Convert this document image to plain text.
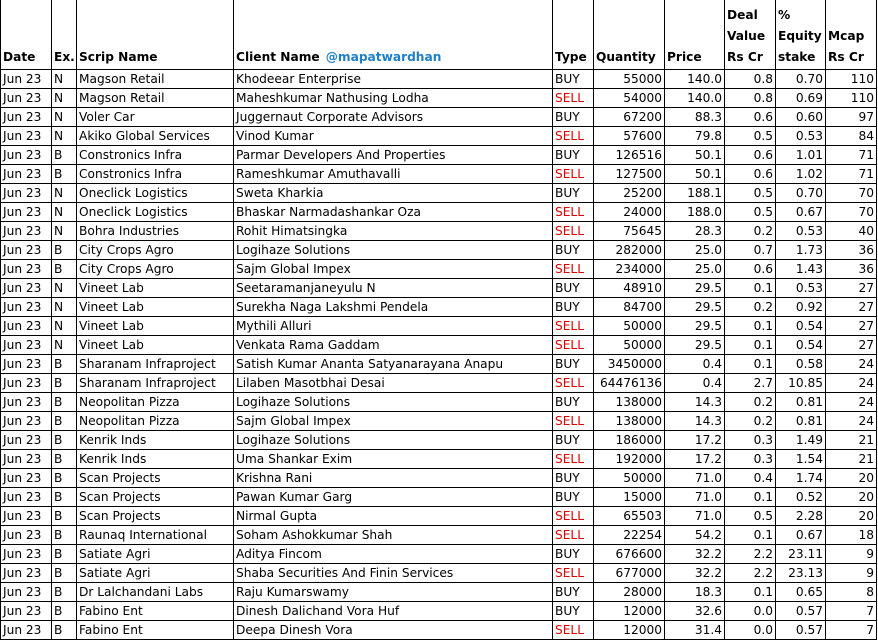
Date	Ex.	Scrip Name	Client Name @mapatwardhan	Type	Quantity	Price	Deal Value Rs Cr	% Equity stake	Mcap Rs Cr
Jun 23	N	Magson Retail	Khodeear Enterprise	BUY	55000	140.0	0.8	0.70	110
Jun 23	N	Magson Retail	Maheshkumar Nathusing Lodha	SELL	54000	140.0	0.8	0.69	110
Jun 23	N	Voler Car	Juggernaut Corporate Advisors	BUY	67200	88.3	0.6	0.60	97
Jun 23	N	Akiko Global Services	Vinod Kumar	SELL	57600	79.8	0.5	0.53	84
Jun 23	B	Constronics Infra	Parmar Developers And Properties	BUY	126516	50.1	0.6	1.01	71
Jun 23	B	Constronics Infra	Rameshkumar Amuthavalli	SELL	127500	50.1	0.6	1.02	71
Jun 23	N	Oneclick Logistics	Sweta Kharkia	BUY	25200	188.1	0.5	0.70	70
Jun 23	N	Oneclick Logistics	Bhaskar Narmadashankar Oza	SELL	24000	188.0	0.5	0.67	70
Jun 23	N	Bohra Industries	Rohit Himatsingka	SELL	75645	28.3	0.2	0.53	40
Jun 23	B	City Crops Agro	Logihaze Solutions	BUY	282000	25.0	0.7	1.73	36
Jun 23	B	City Crops Agro	Sajm Global Impex	SELL	234000	25.0	0.6	1.43	36
Jun 23	N	Vineet Lab	Seetaramanjaneyulu N	BUY	48910	29.5	0.1	0.53	27
Jun 23	N	Vineet Lab	Surekha Naga Lakshmi Pendela	BUY	84700	29.5	0.2	0.92	27
Jun 23	N	Vineet Lab	Mythili Alluri	SELL	50000	29.5	0.1	0.54	27
Jun 23	N	Vineet Lab	Venkata Rama Gaddam	SELL	50000	29.5	0.1	0.54	27
Jun 23	B	Sharanam Infraproject	Satish Kumar Ananta Satyanarayana Anapu	BUY	3450000	0.4	0.1	0.58	24
Jun 23	B	Sharanam Infraproject	Lilaben Masotbhai Desai	SELL	64476136	0.4	2.7	10.85	24
Jun 23	B	Neopolitan Pizza	Logihaze Solutions	BUY	138000	14.3	0.2	0.81	24
Jun 23	B	Neopolitan Pizza	Sajm Global Impex	SELL	138000	14.3	0.2	0.81	24
Jun 23	B	Kenrik Inds	Logihaze Solutions	BUY	186000	17.2	0.3	1.49	21
Jun 23	B	Kenrik Inds	Uma Shankar Exim	SELL	192000	17.2	0.3	1.54	21
Jun 23	B	Scan Projects	Krishna Rani	BUY	50000	71.0	0.4	1.74	20
Jun 23	B	Scan Projects	Pawan Kumar Garg	BUY	15000	71.0	0.1	0.52	20
Jun 23	B	Scan Projects	Nirmal Gupta	SELL	65503	71.0	0.5	2.28	20
Jun 23	B	Raunaq International	Soham Ashokkumar Shah	SELL	22254	54.2	0.1	0.67	18
Jun 23	B	Satiate Agri	Aditya Fincom	BUY	676600	32.2	2.2	23.11	9
Jun 23	B	Satiate Agri	Shaba Securities And Finin Services	SELL	677000	32.2	2.2	23.13	9
Jun 23	B	Dr Lalchandani Labs	Raju Kumarswamy	BUY	28000	18.3	0.1	0.65	8
Jun 23	B	Fabino Ent	Dinesh Dalichand Vora Huf	BUY	12000	32.6	0.0	0.57	7
Jun 23	B	Fabino Ent	Deepa Dinesh Vora	SELL	12000	31.4	0.0	0.57	7
